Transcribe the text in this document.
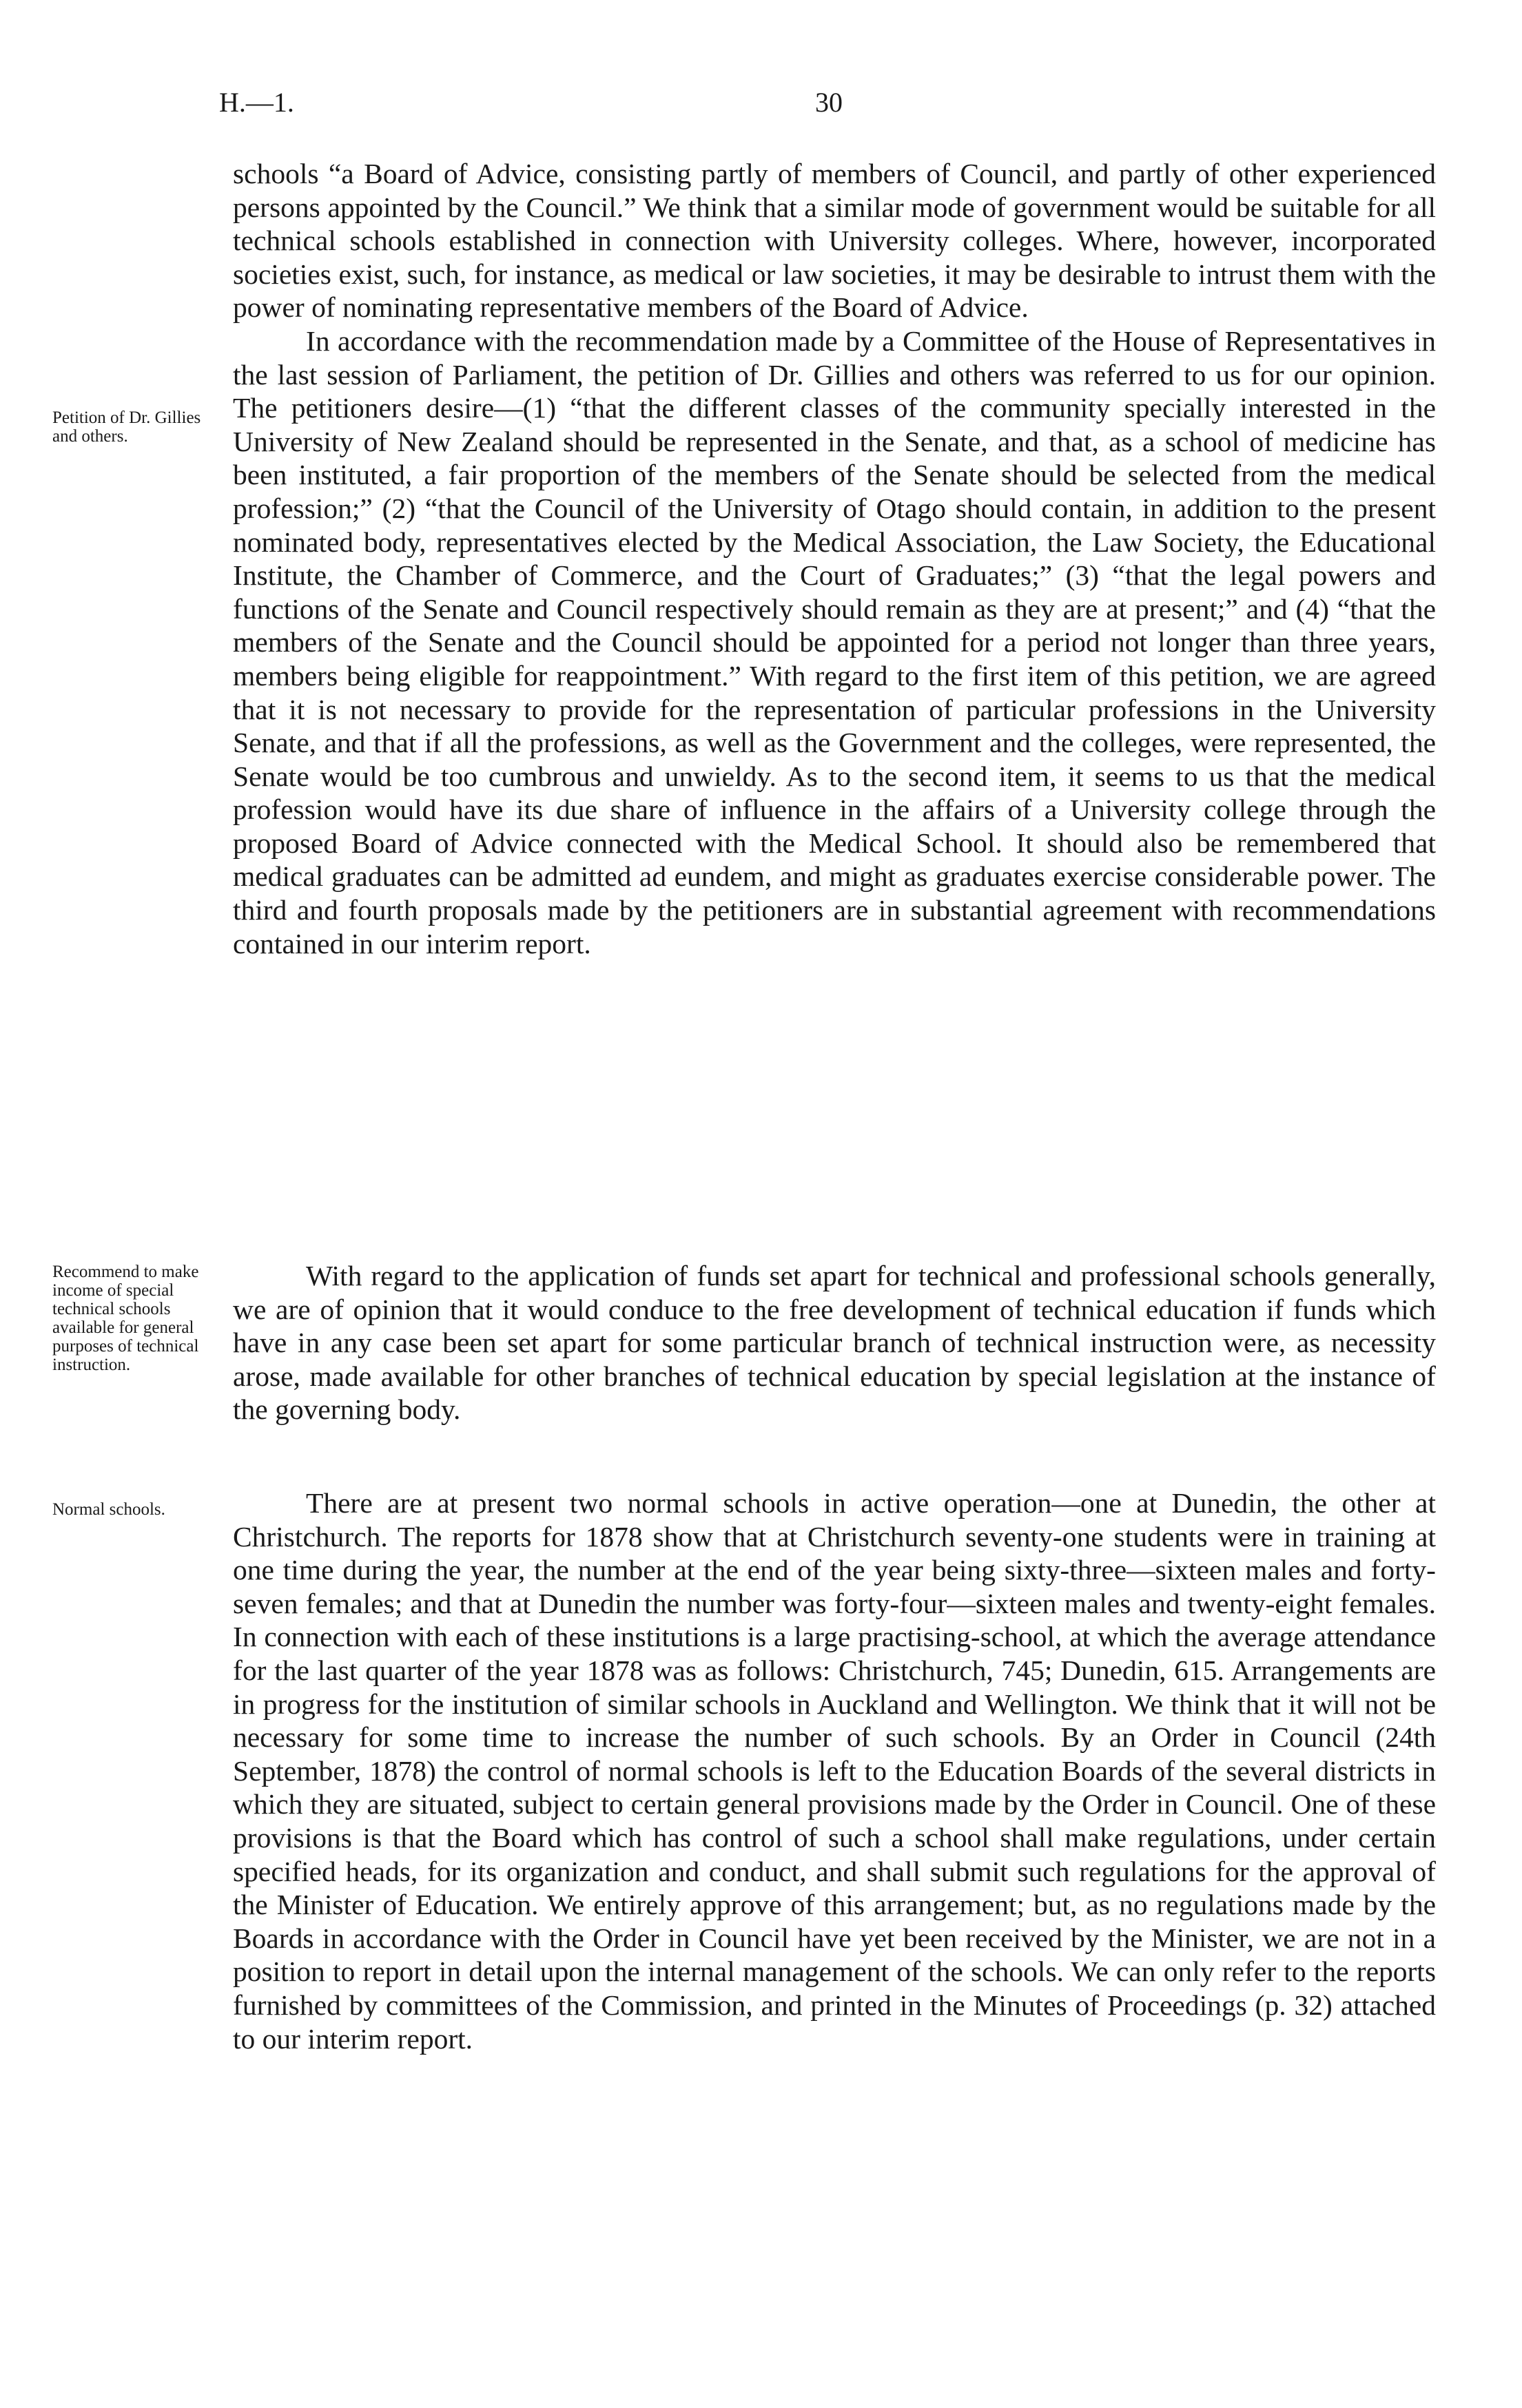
30
H.—1.
Petition of Dr. Gillies and others.
Recommend to make income of special technical schools available for general purposes of technical instruction.
Normal schools.

schools “a Board of Advice, consisting partly of members of Council, and partly of other experienced persons appointed by the Council.” We think that a similar mode of government would be suitable for all technical schools established in connection with University colleges. Where, however, incorporated societies exist, such, for instance, as medical or law societies, it may be desirable to intrust them with the power of nominating representative members of the Board of Advice.

In accordance with the recommendation made by a Committee of the House of Representatives in the last session of Parliament, the petition of Dr. Gillies and others was referred to us for our opinion. The petitioners desire—(1) “that the different classes of the community specially interested in the University of New Zealand should be represented in the Senate, and that, as a school of medicine has been instituted, a fair proportion of the members of the Senate should be selected from the medical profession;” (2) “that the Council of the University of Otago should contain, in addition to the present nominated body, representatives elected by the Medical Association, the Law Society, the Educational Institute, the Chamber of Commerce, and the Court of Graduates;” (3) “that the legal powers and functions of the Senate and Council respectively should remain as they are at present;” and (4) “that the members of the Senate and the Council should be appointed for a period not longer than three years, members being eligible for reappointment.” With regard to the first item of this petition, we are agreed that it is not necessary to provide for the representation of particular professions in the University Senate, and that if all the professions, as well as the Government and the colleges, were represented, the Senate would be too cumbrous and unwieldy. As to the second item, it seems to us that the medical profession would have its due share of influence in the affairs of a University college through the proposed Board of Advice connected with the Medical School. It should also be remembered that medical graduates can be admitted ad eundem, and might as graduates exercise considerable power. The third and fourth proposals made by the petitioners are in substantial agreement with recommendations contained in our interim report.

With regard to the application of funds set apart for technical and professional schools generally, we are of opinion that it would conduce to the free development of technical education if funds which have in any case been set apart for some particular branch of technical instruction were, as necessity arose, made available for other branches of technical education by special legislation at the instance of the governing body.

There are at present two normal schools in active operation—one at Dunedin, the other at Christchurch. The reports for 1878 show that at Christchurch seventy-one students were in training at one time during the year, the number at the end of the year being sixty-three—sixteen males and forty-seven females; and that at Dunedin the number was forty-four—sixteen males and twenty-eight females. In connection with each of these institutions is a large practising-school, at which the average attendance for the last quarter of the year 1878 was as follows: Christchurch, 745; Dunedin, 615. Arrangements are in progress for the institution of similar schools in Auckland and Wellington. We think that it will not be necessary for some time to increase the number of such schools. By an Order in Council (24th September, 1878) the control of normal schools is left to the Education Boards of the several districts in which they are situated, subject to certain general provisions made by the Order in Council. One of these provisions is that the Board which has control of such a school shall make regulations, under certain specified heads, for its organization and conduct, and shall submit such regulations for the approval of the Minister of Education. We entirely approve of this arrangement; but, as no regulations made by the Boards in accordance with the Order in Council have yet been received by the Minister, we are not in a position to report in detail upon the internal management of the schools. We can only refer to the reports furnished by committees of the Commission, and printed in the Minutes of Proceedings (p. 32) attached to our interim report.
